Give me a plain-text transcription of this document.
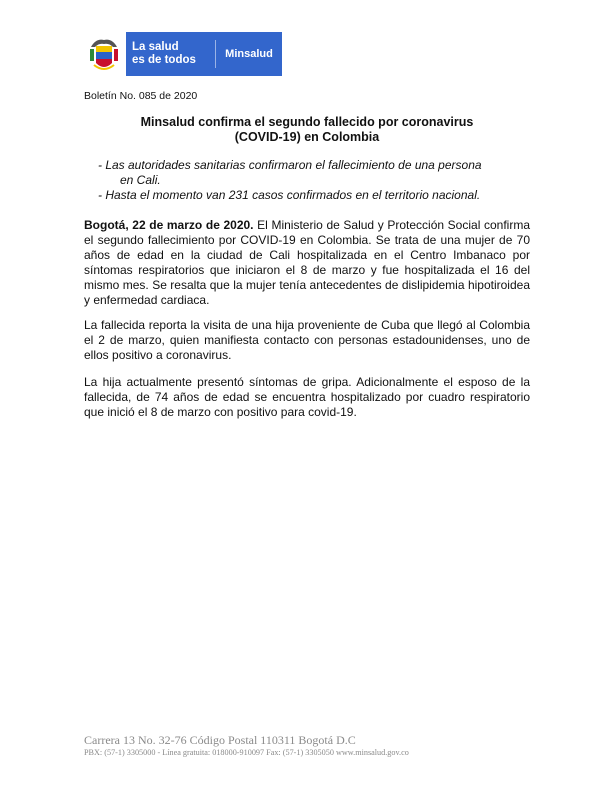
La salud
es de todos	Minsalud
Boletín No. 085 de 2020
Minsalud confirma el segundo fallecido por coronavirus
(COVID-19) en Colombia
- Las autoridades sanitarias confirmaron el fallecimiento de una persona
en Cali.
- Hasta el momento van 231 casos confirmados en el territorio nacional.

Bogotá, 22 de marzo de 2020. El Ministerio de Salud y Protección Social confirma el segundo fallecimiento por COVID-19 en Colombia. Se trata de una mujer de 70 años de edad en la ciudad de Cali hospitalizada en el Centro Imbanaco por síntomas respiratorios que iniciaron el 8 de marzo y fue hospitalizada el 16 del mismo mes. Se resalta que la mujer tenía antecedentes de dislipidemia hipotiroidea y enfermedad cardiaca.

La fallecida reporta la visita de una hija proveniente de Cuba que llegó al Colombia el 2 de marzo, quien manifiesta contacto con personas estadounidenses, uno de ellos positivo a coronavirus.

La hija actualmente presentó síntomas de gripa. Adicionalmente el esposo de la fallecida, de 74 años de edad se encuentra hospitalizado por cuadro respiratorio que inició el 8 de marzo con positivo para covid-19.

Carrera 13 No. 32-76 Código Postal 110311 Bogotá D.C
PBX: (57-1) 3305000 - Línea gratuita: 018000-910097 Fax: (57-1) 3305050 www.minsalud.gov.co
